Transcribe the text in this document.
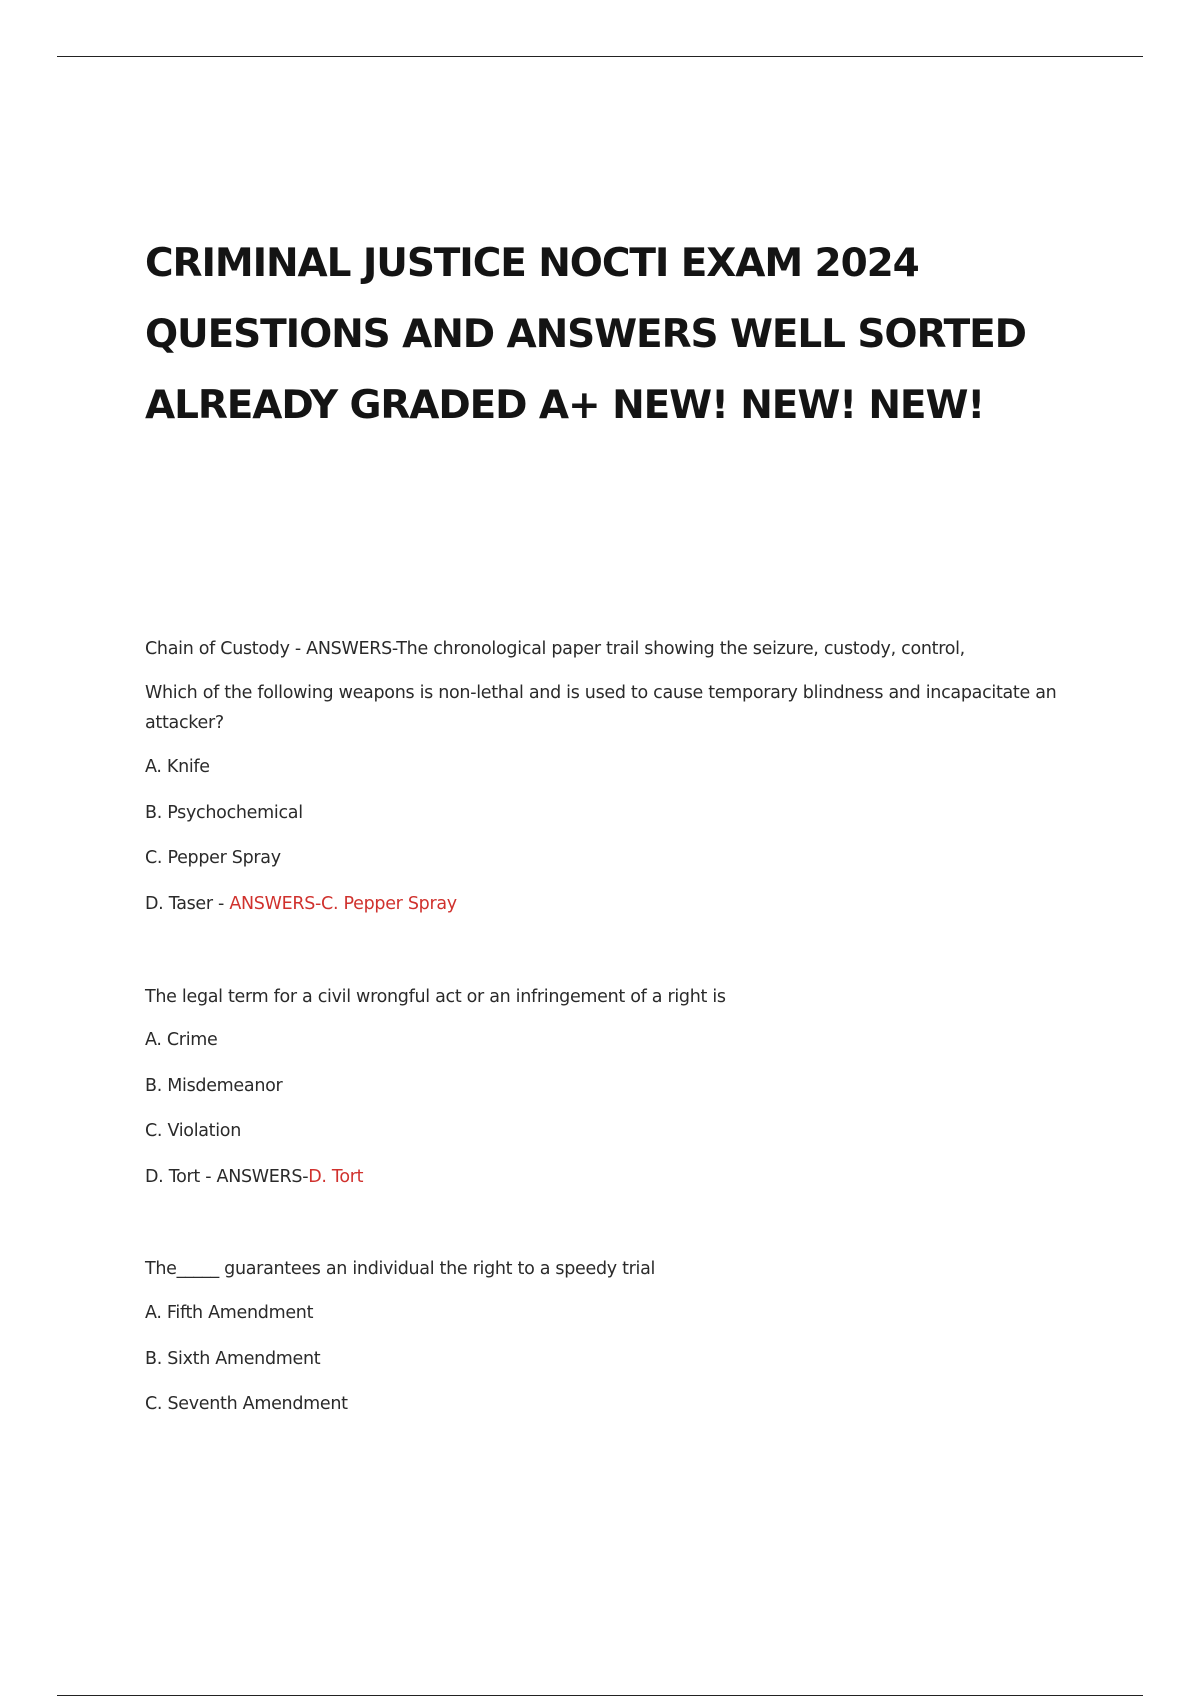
CRIMINAL JUSTICE NOCTI EXAM 2024
QUESTIONS AND ANSWERS WELL SORTED
ALREADY GRADED A+ NEW! NEW! NEW!

Chain of Custody - ANSWERS-The chronological paper trail showing the seizure, custody, control,

Which of the following weapons is non-lethal and is used to cause temporary blindness and incapacitate an attacker?

A. Knife

B. Psychochemical

C. Pepper Spray

D. Taser - ANSWERS-C. Pepper Spray

The legal term for a civil wrongful act or an infringement of a right is

A. Crime

B. Misdemeanor

C. Violation

D. Tort - ANSWERS-D. Tort

The_____ guarantees an individual the right to a speedy trial

A. Fifth Amendment

B. Sixth Amendment

C. Seventh Amendment
